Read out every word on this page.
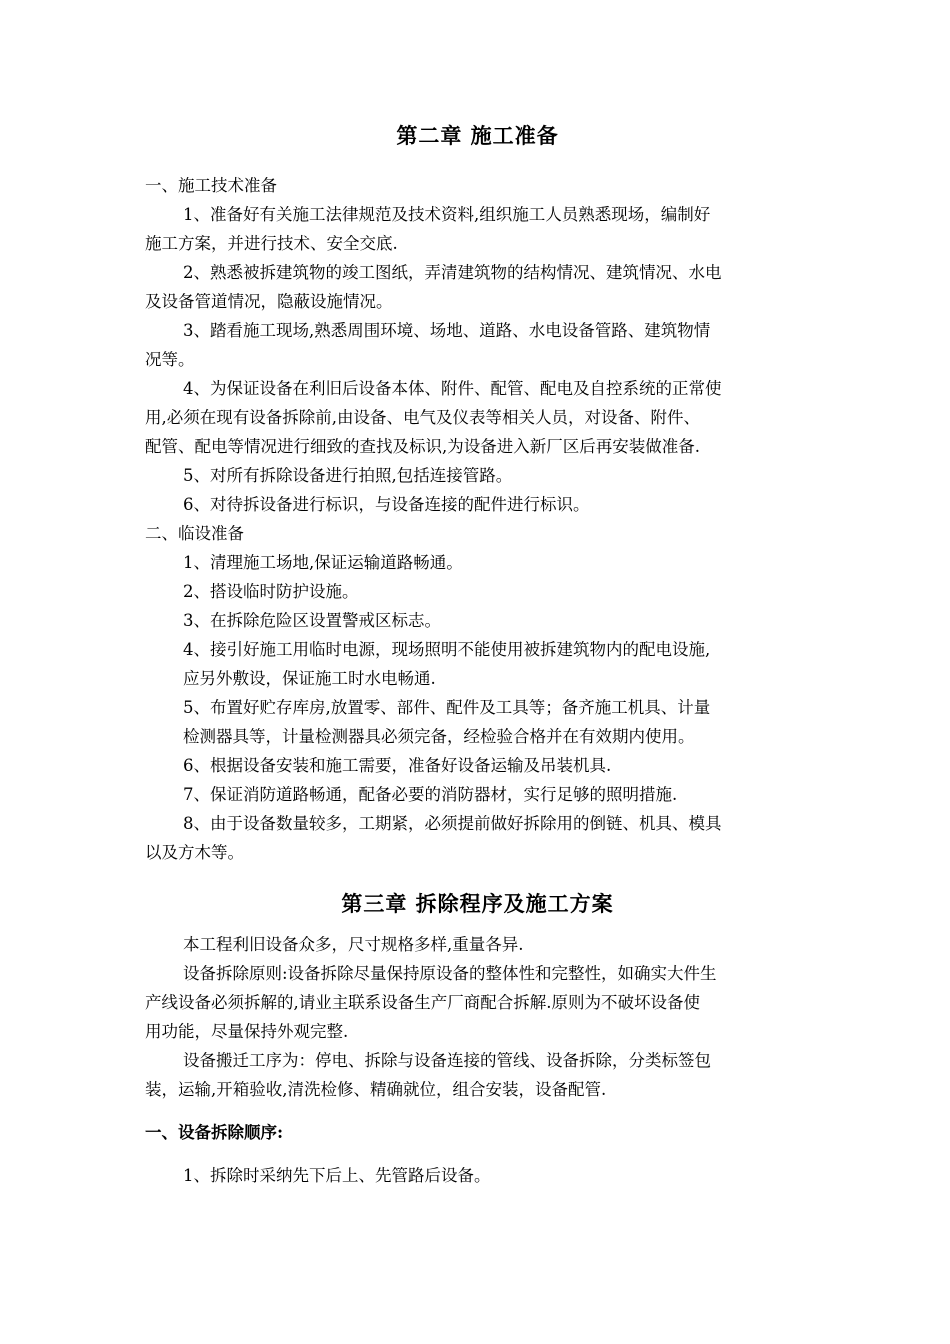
第二章 施工准备

一、施工技术准备

1、准备好有关施工法律规范及技术资料,组织施工人员熟悉现场，编制好
施工方案，并进行技术、安全交底.

2、熟悉被拆建筑物的竣工图纸，弄清建筑物的结构情况、建筑情况、水电
及设备管道情况，隐蔽设施情况。

3、踏看施工现场,熟悉周围环境、场地、道路、水电设备管路、建筑物情
况等。

4、为保证设备在利旧后设备本体、附件、配管、配电及自控系统的正常使
用,必须在现有设备拆除前,由设备、电气及仪表等相关人员，对设备、附件、
配管、配电等情况进行细致的查找及标识,为设备进入新厂区后再安装做准备.

5、对所有拆除设备进行拍照,包括连接管路。

6、对待拆设备进行标识，与设备连接的配件进行标识。

二、临设准备

1、清理施工场地,保证运输道路畅通。

2、搭设临时防护设施。

3、在拆除危险区设置警戒区标志。

4、接引好施工用临时电源，现场照明不能使用被拆建筑物内的配电设施,
应另外敷设，保证施工时水电畅通.

5、布置好贮存库房,放置零、部件、配件及工具等；备齐施工机具、计量
检测器具等，计量检测器具必须完备，经检验合格并在有效期内使用。

6、根据设备安装和施工需要，准备好设备运输及吊装机具.

7、保证消防道路畅通，配备必要的消防器材，实行足够的照明措施.

8、由于设备数量较多，工期紧，必须提前做好拆除用的倒链、机具、模具
以及方木等。

第三章 拆除程序及施工方案

本工程利旧设备众多，尺寸规格多样,重量各异.

设备拆除原则:设备拆除尽量保持原设备的整体性和完整性，如确实大件生
产线设备必须拆解的,请业主联系设备生产厂商配合拆解.原则为不破坏设备使
用功能，尽量保持外观完整.

设备搬迁工序为：停电、拆除与设备连接的管线、设备拆除，分类标签包
装，运输,开箱验收,清洗检修、精确就位，组合安装，设备配管.

一、设备拆除顺序:

1、拆除时采纳先下后上、先管路后设备。
